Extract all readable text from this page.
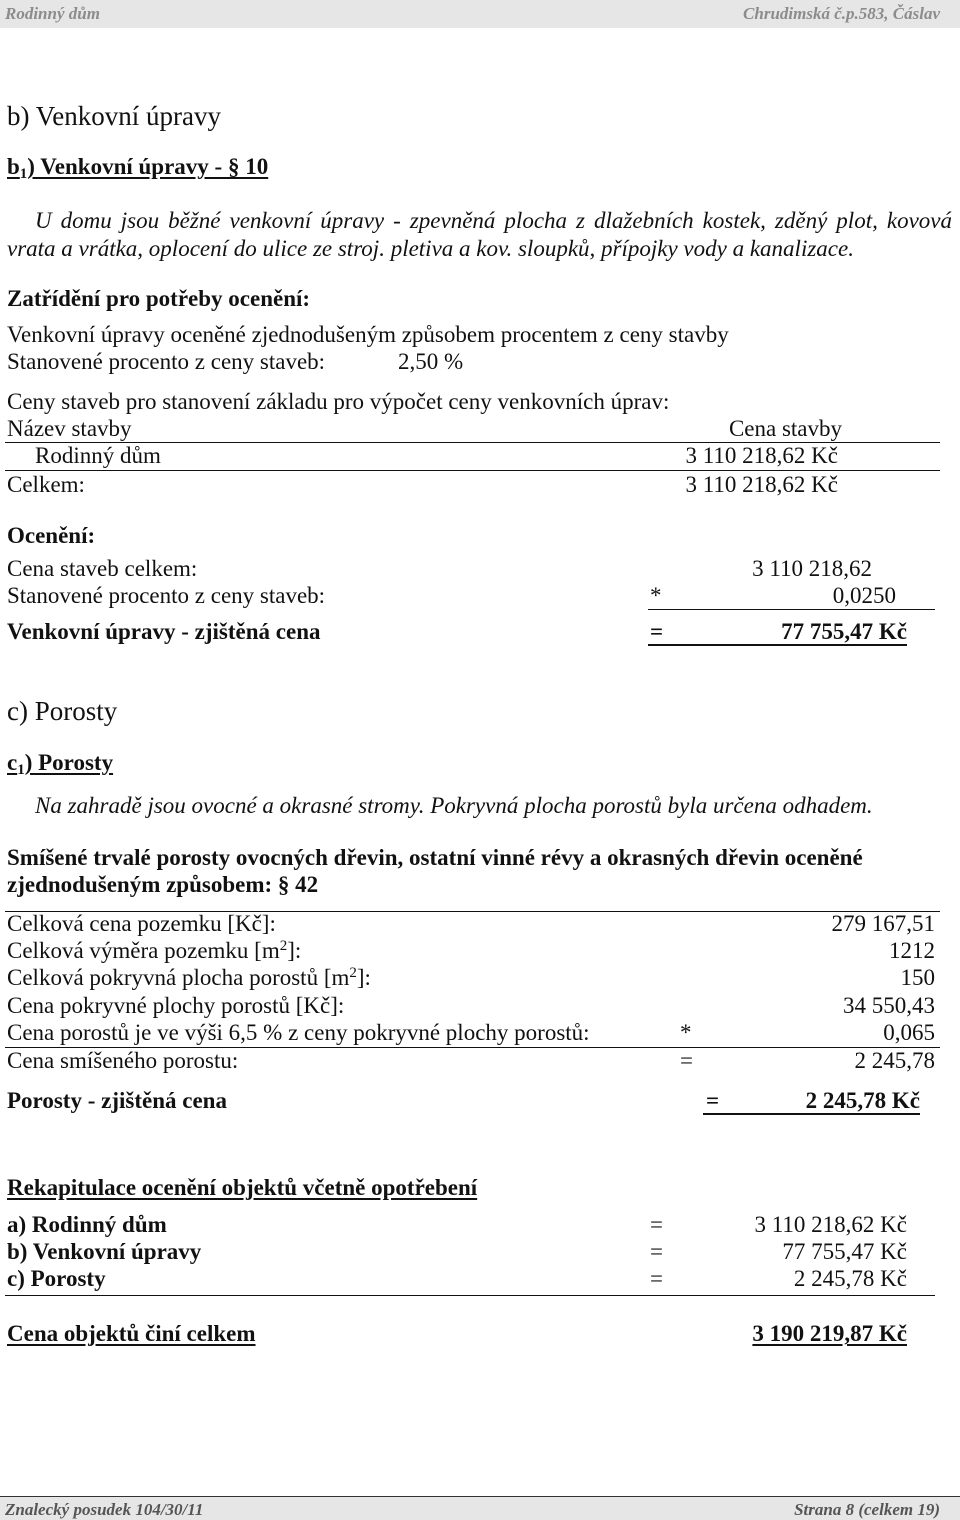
Rodinný dům	Chrudimská č.p.583, Čáslav
b) Venkovní úpravy
$b_1$) Venkovní úpravy - § 10
U domu jsou běžné venkovní úpravy - zpevněná plocha z dlažebních kostek, zděný plot, kovová
vrata a vrátka, oplocení do ulice ze stroj. pletiva a kov. sloupků, přípojky vody a kanalizace.
Zatřídění pro potřeby ocenění:
Venkovní úpravy oceněné zjednodušeným způsobem procentem z ceny stavby
Stanovené procento z ceny staveb:	2,50 %
Ceny staveb pro stanovení základu pro výpočet ceny venkovních úprav:
Název stavby	Cena stavby
Rodinný dům	3 110 218,62 Kč
Celkem:	3 110 218,62 Kč
Ocenění:
Cena staveb celkem:	3 110 218,62
Stanovené procento z ceny staveb:	*	0,0250
Venkovní úpravy - zjištěná cena	=	77 755,47 Kč
c) Porosty
$c_1$) Porosty
Na zahradě jsou ovocné a okrasné stromy. Pokryvná plocha porostů byla určena odhadem.
Smíšené trvalé porosty ovocných dřevin, ostatní vinné révy a okrasných dřevin oceněné
zjednodušeným způsobem: § 42
Celková cena pozemku [Kč]:	279 167,51
Celková výměra pozemku $[m^2]$:	1212
Celková pokryvná plocha porostů $[m^2]$:	150
Cena pokryvné plochy porostů [Kč]:	34 550,43
Cena porostů je ve výši 6,5 % z ceny pokryvné plochy porostů:	*	0,065
Cena smíšeného porostu:	=	2 245,78
Porosty - zjištěná cena	=	2 245,78 Kč
Rekapitulace ocenění objektů včetně opotřebení
a) Rodinný dům	=	3 110 218,62 Kč
b) Venkovní úpravy	=	77 755,47 Kč
c) Porosty	=	2 245,78 Kč
Cena objektů činí celkem	3 190 219,87 Kč
Znalecký posudek 104/30/11	Strana 8 (celkem 19)
